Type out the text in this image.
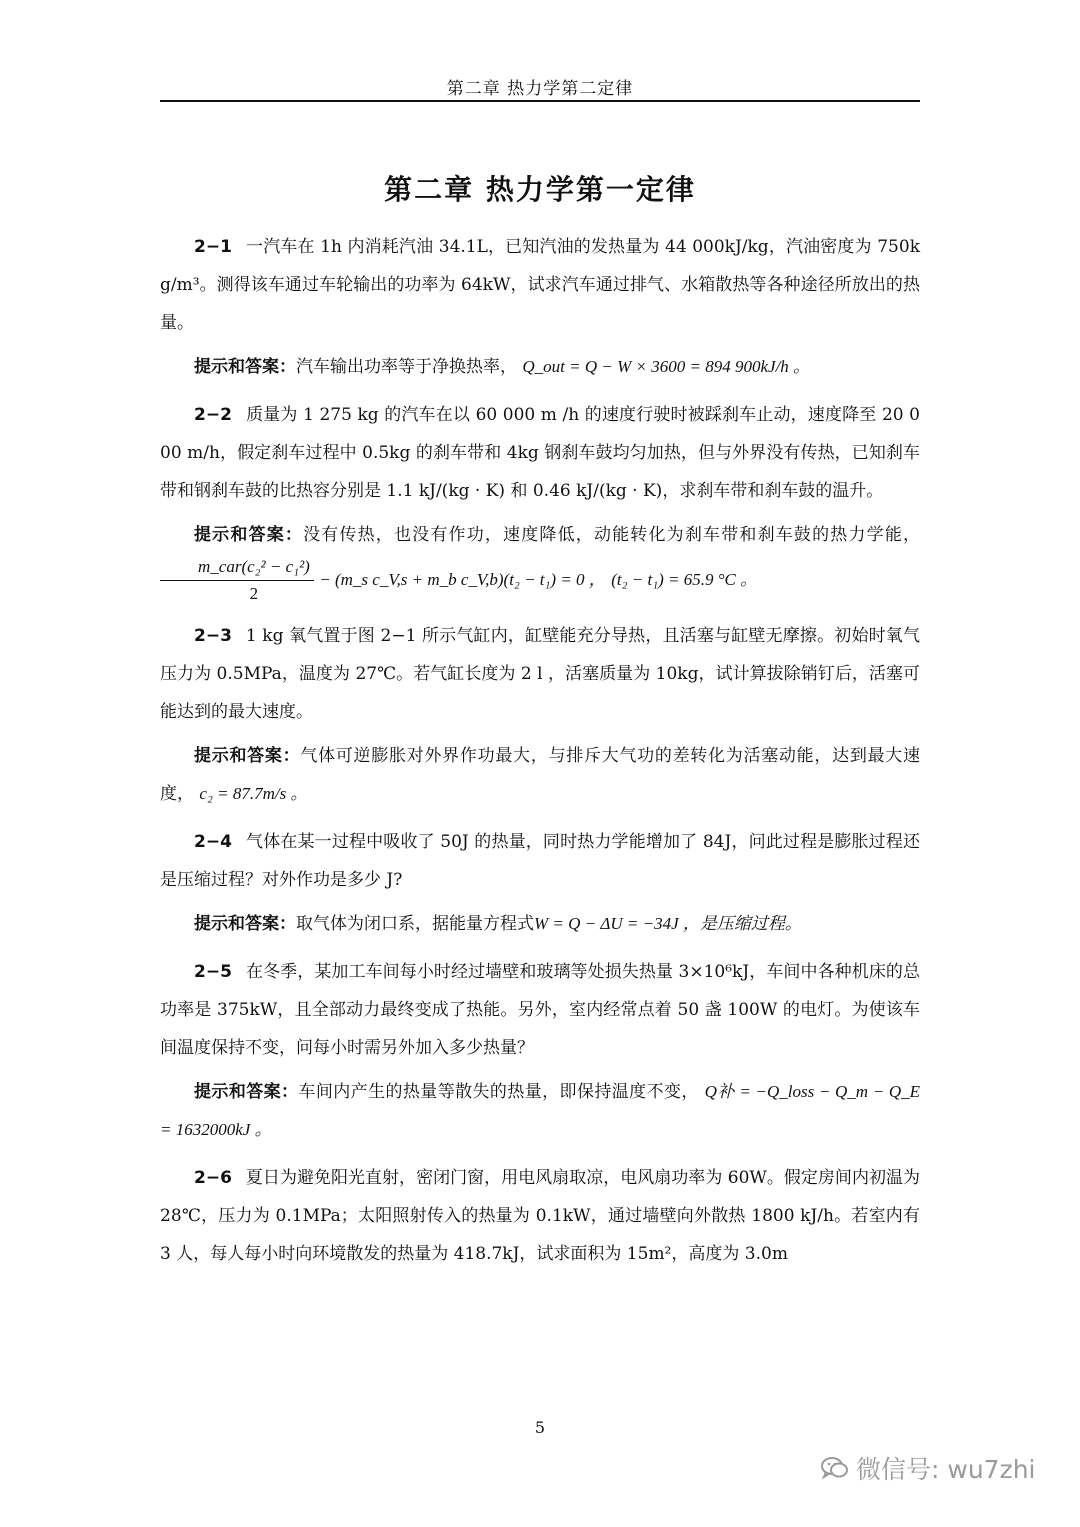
第二章 热力学第二定律
第二章 热力学第一定律

2−1 一汽车在 1h 内消耗汽油 34.1L，已知汽油的发热量为 44 000kJ/kg，汽油密度为 750kg/m³。测得该车通过车轮输出的功率为 64kW，试求汽车通过排气、水箱散热等各种途径所放出的热量。

提示和答案：汽车输出功率等于净换热率， Q_out = Q − W × 3600 = 894 900kJ/h 。

2−2 质量为 1 275 kg 的汽车在以 60 000 m /h 的速度行驶时被踩刹车止动，速度降至 20 000 m/h，假定刹车过程中 0.5kg 的刹车带和 4kg 钢刹车鼓均匀加热，但与外界没有传热，已知刹车带和钢刹车鼓的比热容分别是 1.1 kJ/(kg · K) 和 0.46 kJ/(kg · K)，求刹车带和刹车鼓的温升。

提示和答案：没有传热，也没有作功，速度降低，动能转化为刹车带和刹车鼓的热力学能，
$\frac{\text{m\_car(c₂² − c₁²)}}{2}$ − (m_s c_V,s + m_b c_V,b)(t₂ − t₁) = 0 ， (t₂ − t₁) = 65.9 °C 。

2−3 1 kg 氧气置于图 2−1 所示气缸内，缸壁能充分导热，且活塞与缸壁无摩擦。初始时氧气压力为 0.5MPa，温度为 27℃。若气缸长度为 2 l ，活塞质量为 10kg，试计算拔除销钉后，活塞可能达到的最大速度。

提示和答案：气体可逆膨胀对外界作功最大，与排斥大气功的差转化为活塞动能，达到最大速度， c₂ = 87.7m/s 。

2−4 气体在某一过程中吸收了 50J 的热量，同时热力学能增加了 84J，问此过程是膨胀过程还是压缩过程？对外作功是多少 J?

提示和答案：取气体为闭口系，据能量方程式W = Q − ΔU = −34J ，是压缩过程。

2−5 在冬季，某加工车间每小时经过墙壁和玻璃等处损失热量 3×10⁶kJ，车间中各种机床的总功率是 375kW，且全部动力最终变成了热能。另外，室内经常点着 50 盏 100W 的电灯。为使该车间温度保持不变，问每小时需另外加入多少热量？

提示和答案：车间内产生的热量等散失的热量，即保持温度不变， Q补 = −Q_loss − Q_m − Q_E = 1632000kJ 。

2−6 夏日为避免阳光直射，密闭门窗，用电风扇取凉，电风扇功率为 60W。假定房间内初温为 28℃，压力为 0.1MPa；太阳照射传入的热量为 0.1kW，通过墙壁向外散热 1800 kJ/h。若室内有 3 人，每人每小时向环境散发的热量为 418.7kJ，试求面积为 15m²，高度为 3.0m

5
微信号: wu7zhi
